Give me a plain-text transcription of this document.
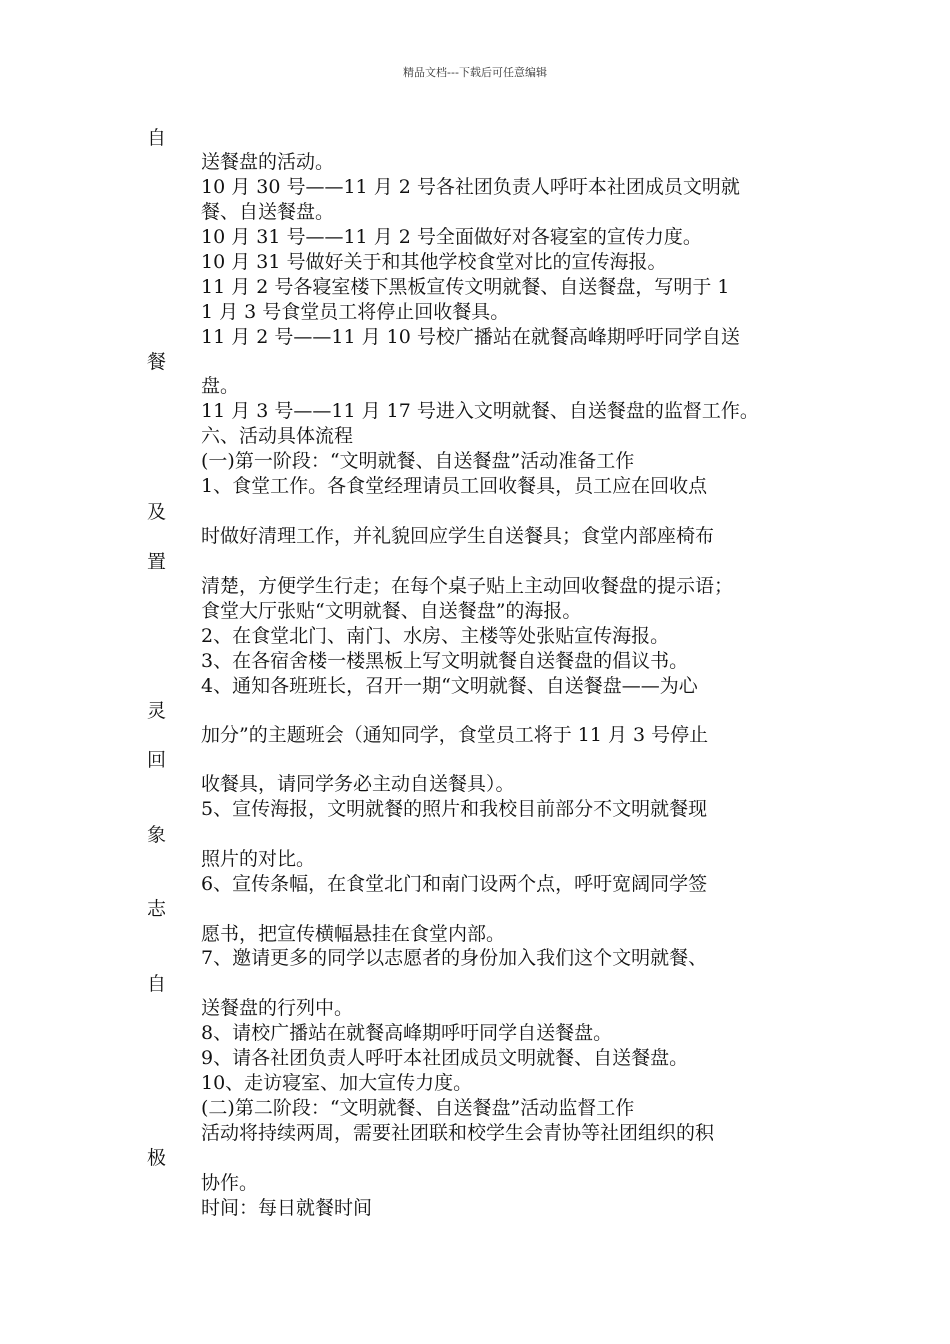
精品文档---下载后可任意编辑
自
餐
及
置
灵
回
象
志
自
极
送餐盘的活动。
10 月 30 号——11 月 2 号各社团负责人呼吁本社团成员文明就
餐、自送餐盘。
10 月 31 号——11 月 2 号全面做好对各寝室的宣传力度。
10 月 31 号做好关于和其他学校食堂对比的宣传海报。
11 月 2 号各寝室楼下黑板宣传文明就餐、自送餐盘，写明于 1
1 月 3 号食堂员工将停止回收餐具。
11 月 2 号——11 月 10 号校广播站在就餐高峰期呼吁同学自送
盘。
11 月 3 号——11 月 17 号进入文明就餐、自送餐盘的监督工作。
六、活动具体流程
(一)第一阶段：“文明就餐、自送餐盘”活动准备工作
1、食堂工作。各食堂经理请员工回收餐具，员工应在回收点
时做好清理工作，并礼貌回应学生自送餐具；食堂内部座椅布
清楚，方便学生行走；在每个桌子贴上主动回收餐盘的提示语；
食堂大厅张贴“文明就餐、自送餐盘”的海报。
2、在食堂北门、南门、水房、主楼等处张贴宣传海报。
3、在各宿舍楼一楼黑板上写文明就餐自送餐盘的倡议书。
4、通知各班班长，召开一期“文明就餐、自送餐盘——为心
加分”的主题班会（通知同学，食堂员工将于 11 月 3 号停止
收餐具，请同学务必主动自送餐具）。
5、宣传海报，文明就餐的照片和我校目前部分不文明就餐现
照片的对比。
6、宣传条幅，在食堂北门和南门设两个点，呼吁宽阔同学签
愿书，把宣传横幅悬挂在食堂内部。
7、邀请更多的同学以志愿者的身份加入我们这个文明就餐、
送餐盘的行列中。
8、请校广播站在就餐高峰期呼吁同学自送餐盘。
9、请各社团负责人呼吁本社团成员文明就餐、自送餐盘。
10、走访寝室、加大宣传力度。
(二)第二阶段：“文明就餐、自送餐盘”活动监督工作
活动将持续两周，需要社团联和校学生会青协等社团组织的积
协作。
时间：每日就餐时间
